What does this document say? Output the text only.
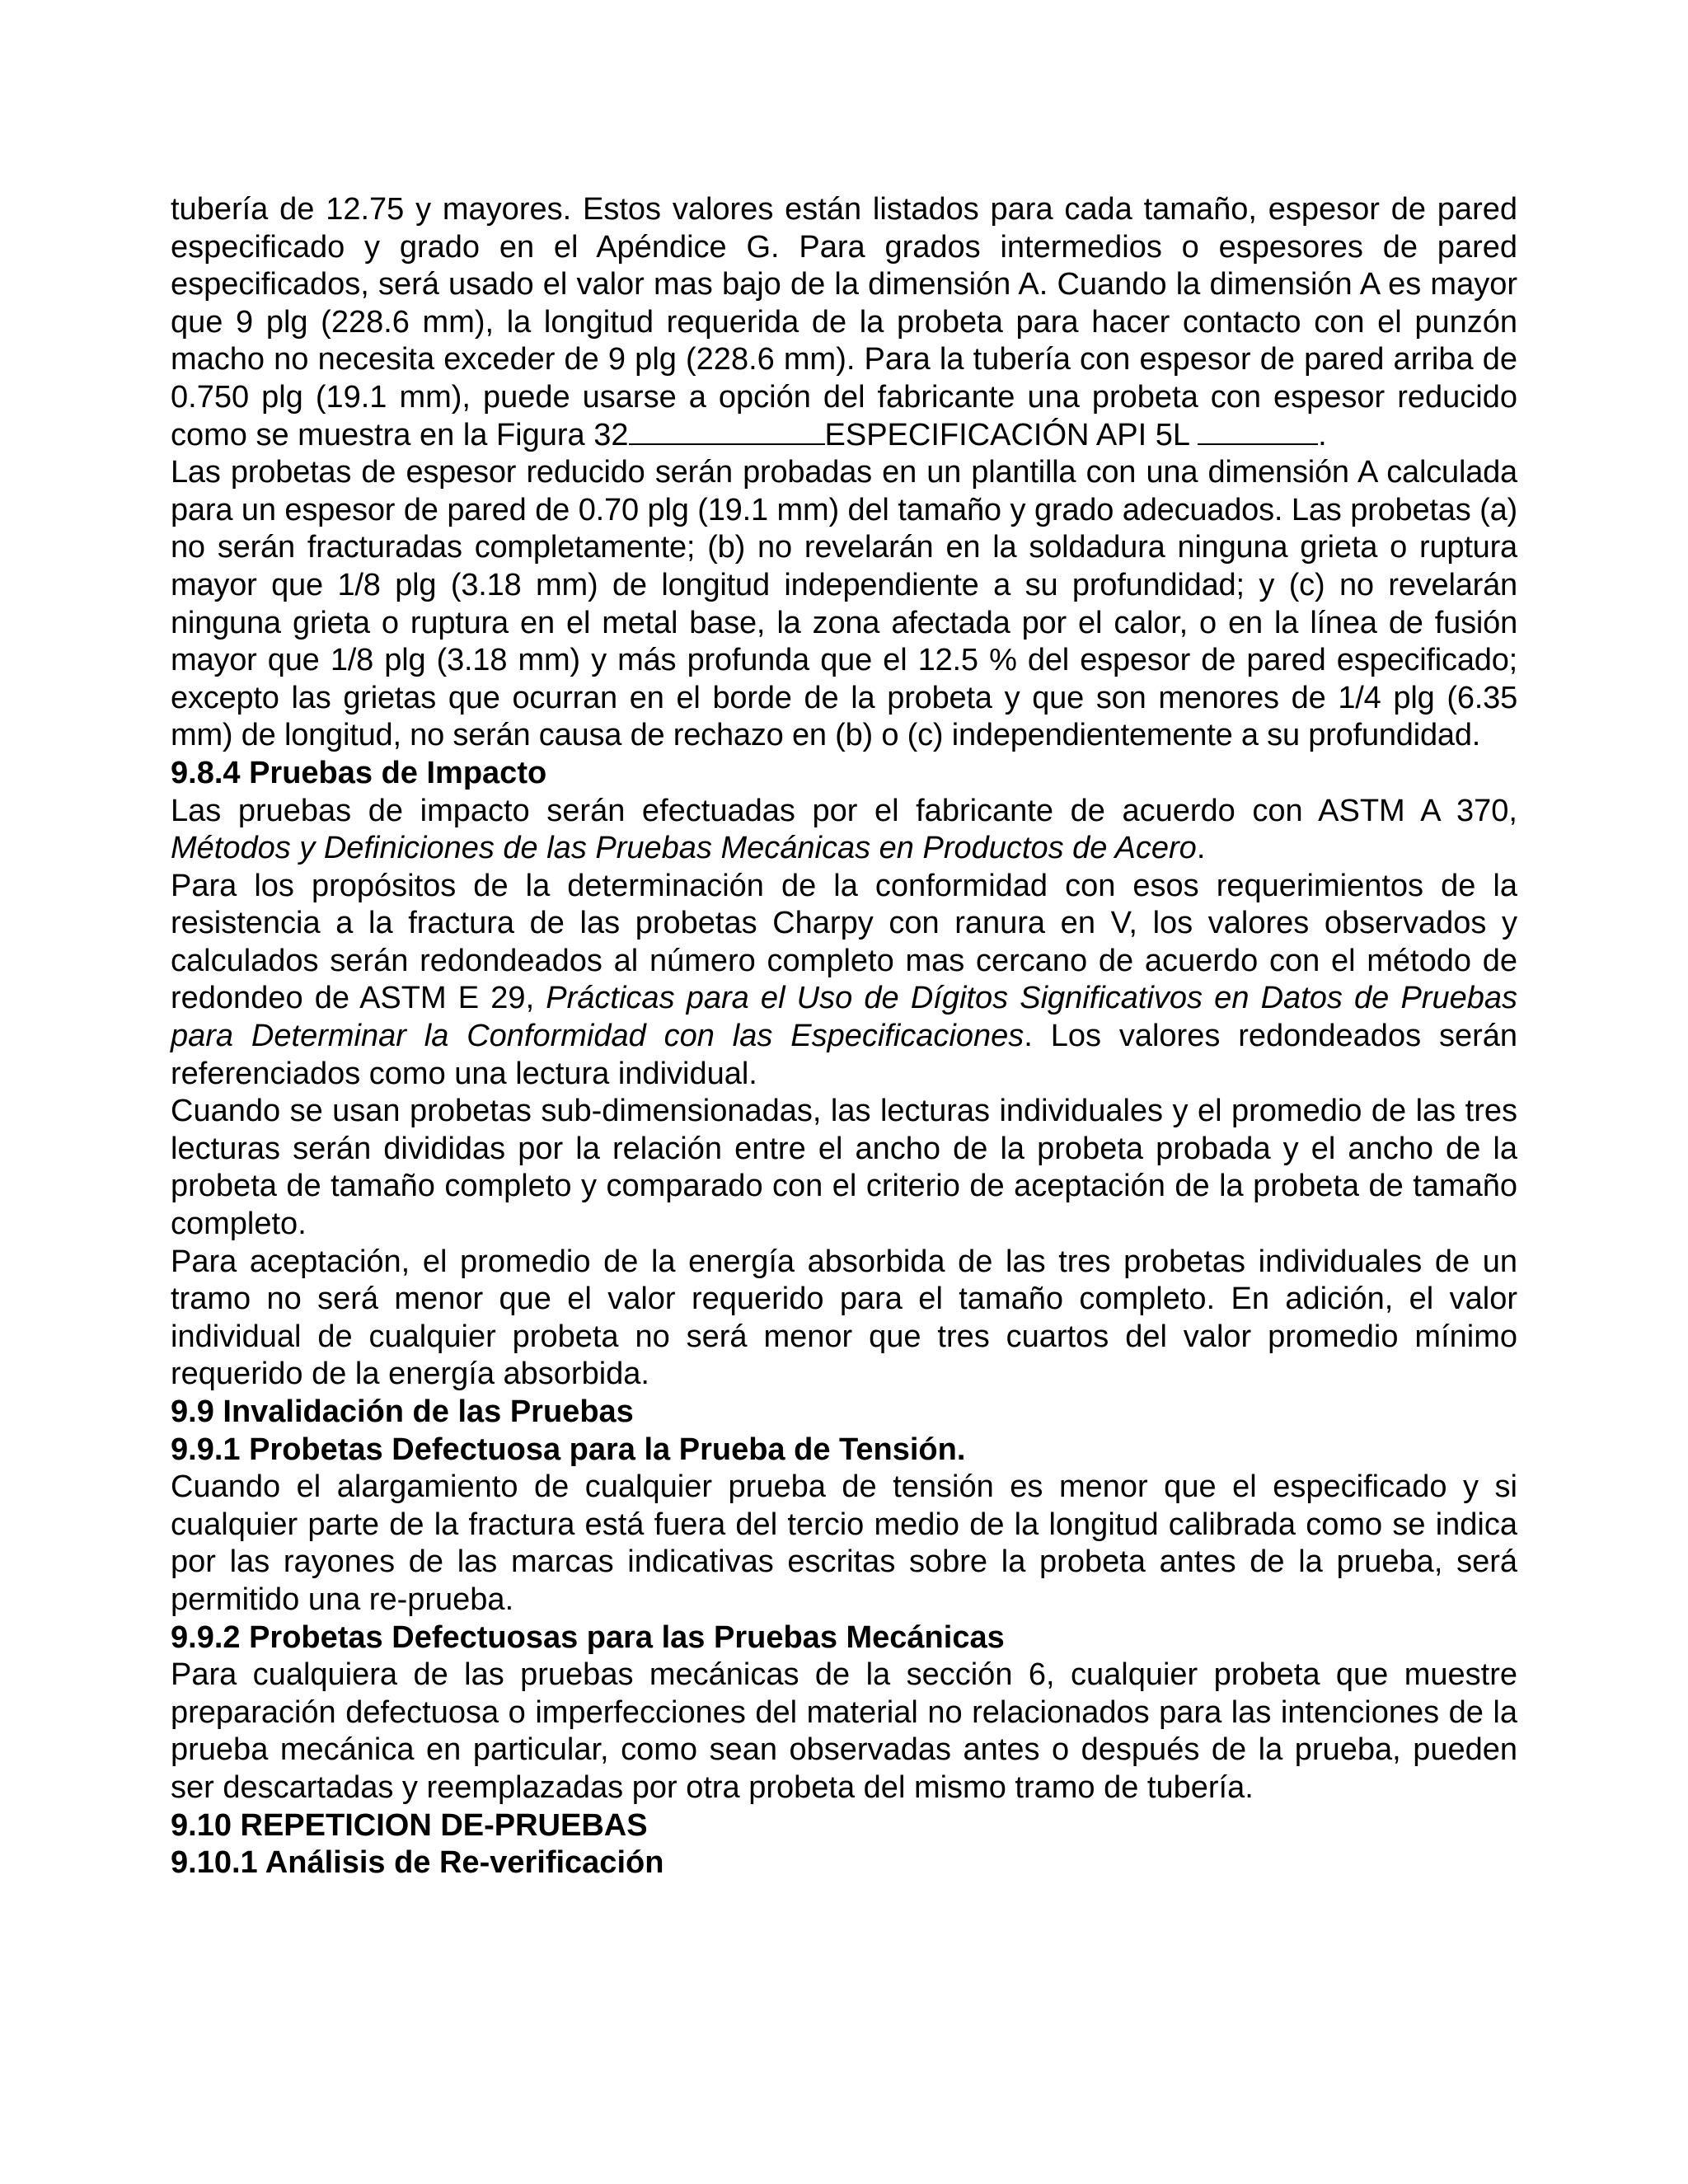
tubería de 12.75 y mayores. Estos valores están listados para cada tamaño, espesor de pared especificado y grado en el Apéndice G. Para grados intermedios o espesores de pared especificados, será usado el valor mas bajo de la dimensión A. Cuando la dimensión A es mayor que 9 plg (228.6 mm), la longitud requerida de la probeta para hacer contacto con el punzón macho no necesita exceder de 9 plg (228.6 mm). Para la tubería con espesor de pared arriba de 0.750 plg (19.1 mm), puede usarse a opción del fabricante una probeta con espesor reducido como se muestra en la Figura 32	ESPECIFICACIÓN API 5L	.

Las probetas de espesor reducido serán probadas en un plantilla con una dimensión A calculada para un espesor de pared de 0.70 plg (19.1 mm) del tamaño y grado adecuados. Las probetas (a) no serán fracturadas completamente; (b) no revelarán en la soldadura ninguna grieta o ruptura mayor que 1/8 plg (3.18 mm) de longitud independiente a su profundidad; y (c) no revelarán ninguna grieta o ruptura en el metal base, la zona afectada por el calor, o en la línea de fusión mayor que 1/8 plg (3.18 mm) y más profunda que el 12.5 % del espesor de pared especificado; excepto las grietas que ocurran en el borde de la probeta y que son menores de 1/4 plg (6.35 mm) de longitud, no serán causa de rechazo en (b) o (c) independientemente a su profundidad.

9.8.4 Pruebas de Impacto

Las pruebas de impacto serán efectuadas por el fabricante de acuerdo con ASTM A 370, Métodos y Definiciones de las Pruebas Mecánicas en Productos de Acero.

Para los propósitos de la determinación de la conformidad con esos requerimientos de la resistencia a la fractura de las probetas Charpy con ranura en V, los valores observados y calculados serán redondeados al número completo mas cercano de acuerdo con el método de redondeo de ASTM E 29, Prácticas para el Uso de Dígitos Significativos en Datos de Pruebas para Determinar la Conformidad con las Especificaciones. Los valores redondeados serán referenciados como una lectura individual.

Cuando se usan probetas sub-dimensionadas, las lecturas individuales y el promedio de las tres lecturas serán divididas por la relación entre el ancho de la probeta probada y el ancho de la probeta de tamaño completo y comparado con el criterio de aceptación de la probeta de tamaño completo.

Para aceptación, el promedio de la energía absorbida de las tres probetas individuales de un tramo no será menor que el valor requerido para el tamaño completo. En adición, el valor individual de cualquier probeta no será menor que tres cuartos del valor promedio mínimo requerido de la energía absorbida.

9.9 Invalidación de las Pruebas
9.9.1 Probetas Defectuosa para la Prueba de Tensión.

Cuando el alargamiento de cualquier prueba de tensión es menor que el especificado y si cualquier parte de la fractura está fuera del tercio medio de la longitud calibrada como se indica por las rayones de las marcas indicativas escritas sobre la probeta antes de la prueba, será permitido una re-prueba.

9.9.2 Probetas Defectuosas para las Pruebas Mecánicas

Para cualquiera de las pruebas mecánicas de la sección 6, cualquier probeta que muestre preparación defectuosa o imperfecciones del material no relacionados para las intenciones de la prueba mecánica en particular, como sean observadas antes o después de la prueba, pueden ser descartadas y reemplazadas por otra probeta del mismo tramo de tubería.

9.10 REPETICION DE-PRUEBAS
9.10.1 Análisis de Re-verificación
